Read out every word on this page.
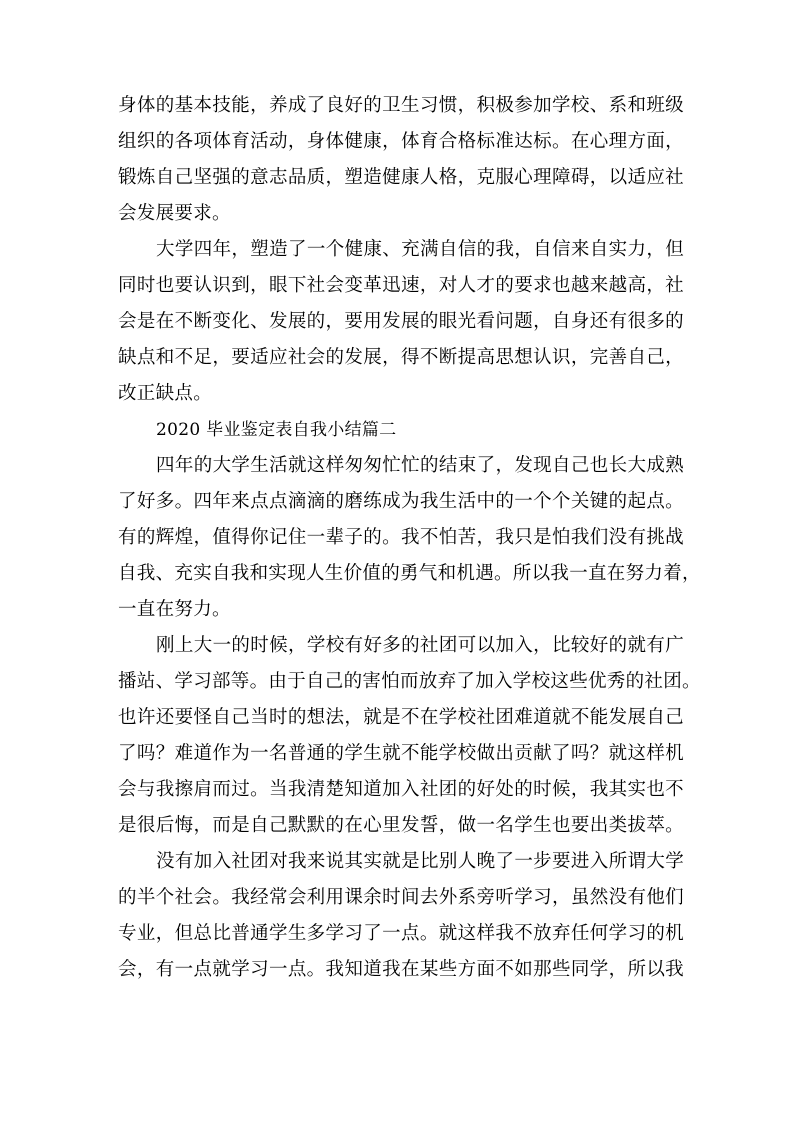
身体的基本技能，养成了良好的卫生习惯，积极参加学校、系和班级
组织的各项体育活动，身体健康，体育合格标准达标。在心理方面，
锻炼自己坚强的意志品质，塑造健康人格，克服心理障碍，以适应社
会发展要求。
大学四年，塑造了一个健康、充满自信的我，自信来自实力，但
同时也要认识到，眼下社会变革迅速，对人才的要求也越来越高，社
会是在不断变化、发展的，要用发展的眼光看问题，自身还有很多的
缺点和不足，要适应社会的发展，得不断提高思想认识，完善自己，
改正缺点。
2020 毕业鉴定表自我小结篇二
四年的大学生活就这样匆匆忙忙的结束了，发现自己也长大成熟
了好多。四年来点点滴滴的磨练成为我生活中的一个个关键的起点。
有的辉煌，值得你记住一辈子的。我不怕苦，我只是怕我们没有挑战
自我、充实自我和实现人生价值的勇气和机遇。所以我一直在努力着，
一直在努力。
刚上大一的时候，学校有好多的社团可以加入，比较好的就有广
播站、学习部等。由于自己的害怕而放弃了加入学校这些优秀的社团。
也许还要怪自己当时的想法，就是不在学校社团难道就不能发展自己
了吗？难道作为一名普通的学生就不能学校做出贡献了吗？就这样机
会与我擦肩而过。当我清楚知道加入社团的好处的时候，我其实也不
是很后悔，而是自己默默的在心里发誓，做一名学生也要出类拔萃。
没有加入社团对我来说其实就是比别人晚了一步要进入所谓大学
的半个社会。我经常会利用课余时间去外系旁听学习，虽然没有他们
专业，但总比普通学生多学习了一点。就这样我不放弃任何学习的机
会，有一点就学习一点。我知道我在某些方面不如那些同学，所以我
